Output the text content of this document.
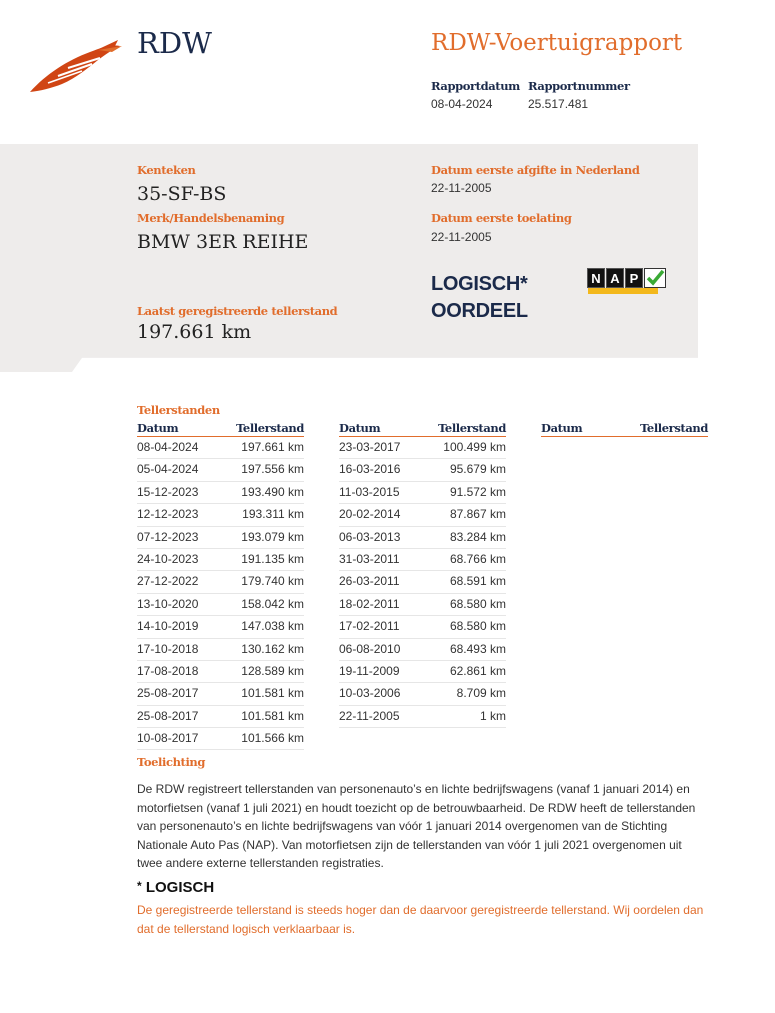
RDW	RDW-Voertuigrapport
Rapportdatum
08-04-2024
Rapportnummer
25.517.481
Kenteken
35-SF-BS
Merk/Handelsbenaming
BMW 3ER REIHE
Laatst geregistreerde tellerstand
197.661 km
Datum eerste afgifte in Nederland
22-11-2005
Datum eerste toelating
22-11-2005
LOGISCH*
OORDEEL
N A P
Tellerstanden
Datum	Tellerstand
08-04-2024	197.661 km
05-04-2024	197.556 km
15-12-2023	193.490 km
12-12-2023	193.311 km
07-12-2023	193.079 km
24-10-2023	191.135 km
27-12-2022	179.740 km
13-10-2020	158.042 km
14-10-2019	147.038 km
17-10-2018	130.162 km
17-08-2018	128.589 km
25-08-2017	101.581 km
25-08-2017	101.581 km
10-08-2017	101.566 km
Datum	Tellerstand
23-03-2017	100.499 km
16-03-2016	95.679 km
11-03-2015	91.572 km
20-02-2014	87.867 km
06-03-2013	83.284 km
31-03-2011	68.766 km
26-03-2011	68.591 km
18-02-2011	68.580 km
17-02-2011	68.580 km
06-08-2010	68.493 km
19-11-2009	62.861 km
10-03-2006	8.709 km
22-11-2005	1 km
Datum	Tellerstand
Toelichting
De RDW registreert tellerstanden van personenauto’s en lichte bedrijfswagens (vanaf 1 januari 2014) en motorfietsen (vanaf 1 juli 2021) en houdt toezicht op de betrouwbaarheid. De RDW heeft de tellerstanden van personenauto’s en lichte bedrijfswagens van vóór 1 januari 2014 overgenomen van de Stichting Nationale Auto Pas (NAP). Van motorfietsen zijn de tellerstanden van vóór 1 juli 2021 overgenomen uit twee andere externe tellerstanden registraties.
* LOGISCH
De geregistreerde tellerstand is steeds hoger dan de daarvoor geregistreerde tellerstand. Wij oordelen dan dat de tellerstand logisch verklaarbaar is.
